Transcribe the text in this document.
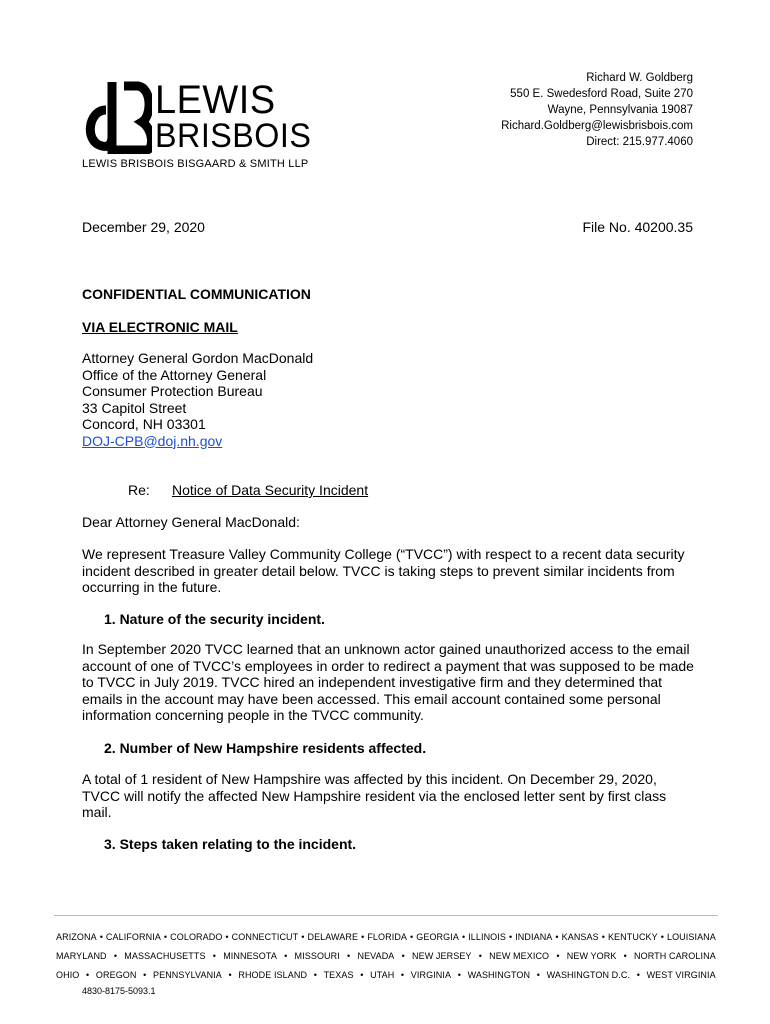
LEWIS
BRISBOIS
LEWIS BRISBOIS BISGAARD & SMITH LLP
Richard W. Goldberg
550 E. Swedesford Road, Suite 270
Wayne, Pennsylvania 19087
Richard.Goldberg@lewisbrisbois.com
Direct: 215.977.4060
December 29, 2020	File No. 40200.35
CONFIDENTIAL COMMUNICATION
VIA ELECTRONIC MAIL
Attorney General Gordon MacDonald
Office of the Attorney General
Consumer Protection Bureau
33 Capitol Street
Concord, NH 03301
DOJ-CPB@doj.nh.gov
Re: Notice of Data Security Incident
Dear Attorney General MacDonald:
We represent Treasure Valley Community College (“TVCC”) with respect to a recent data security incident described in greater detail below. TVCC is taking steps to prevent similar incidents from occurring in the future.
1. Nature of the security incident.
In September 2020 TVCC learned that an unknown actor gained unauthorized access to the email account of one of TVCC’s employees in order to redirect a payment that was supposed to be made to TVCC in July 2019. TVCC hired an independent investigative firm and they determined that emails in the account may have been accessed. This email account contained some personal information concerning people in the TVCC community.
2. Number of New Hampshire residents affected.
A total of 1 resident of New Hampshire was affected by this incident. On December 29, 2020, TVCC will notify the affected New Hampshire resident via the enclosed letter sent by first class mail.
3. Steps taken relating to the incident.
ARIZONA • CALIFORNIA • COLORADO • CONNECTICUT • DELAWARE • FLORIDA • GEORGIA • ILLINOIS • INDIANA • KANSAS • KENTUCKY • LOUISIANA
MARYLAND • MASSACHUSETTS • MINNESOTA • MISSOURI • NEVADA • NEW JERSEY • NEW MEXICO • NEW YORK • NORTH CAROLINA
OHIO • OREGON • PENNSYLVANIA • RHODE ISLAND • TEXAS • UTAH • VIRGINIA • WASHINGTON • WASHINGTON D.C. • WEST VIRGINIA
4830-8175-5093.1
